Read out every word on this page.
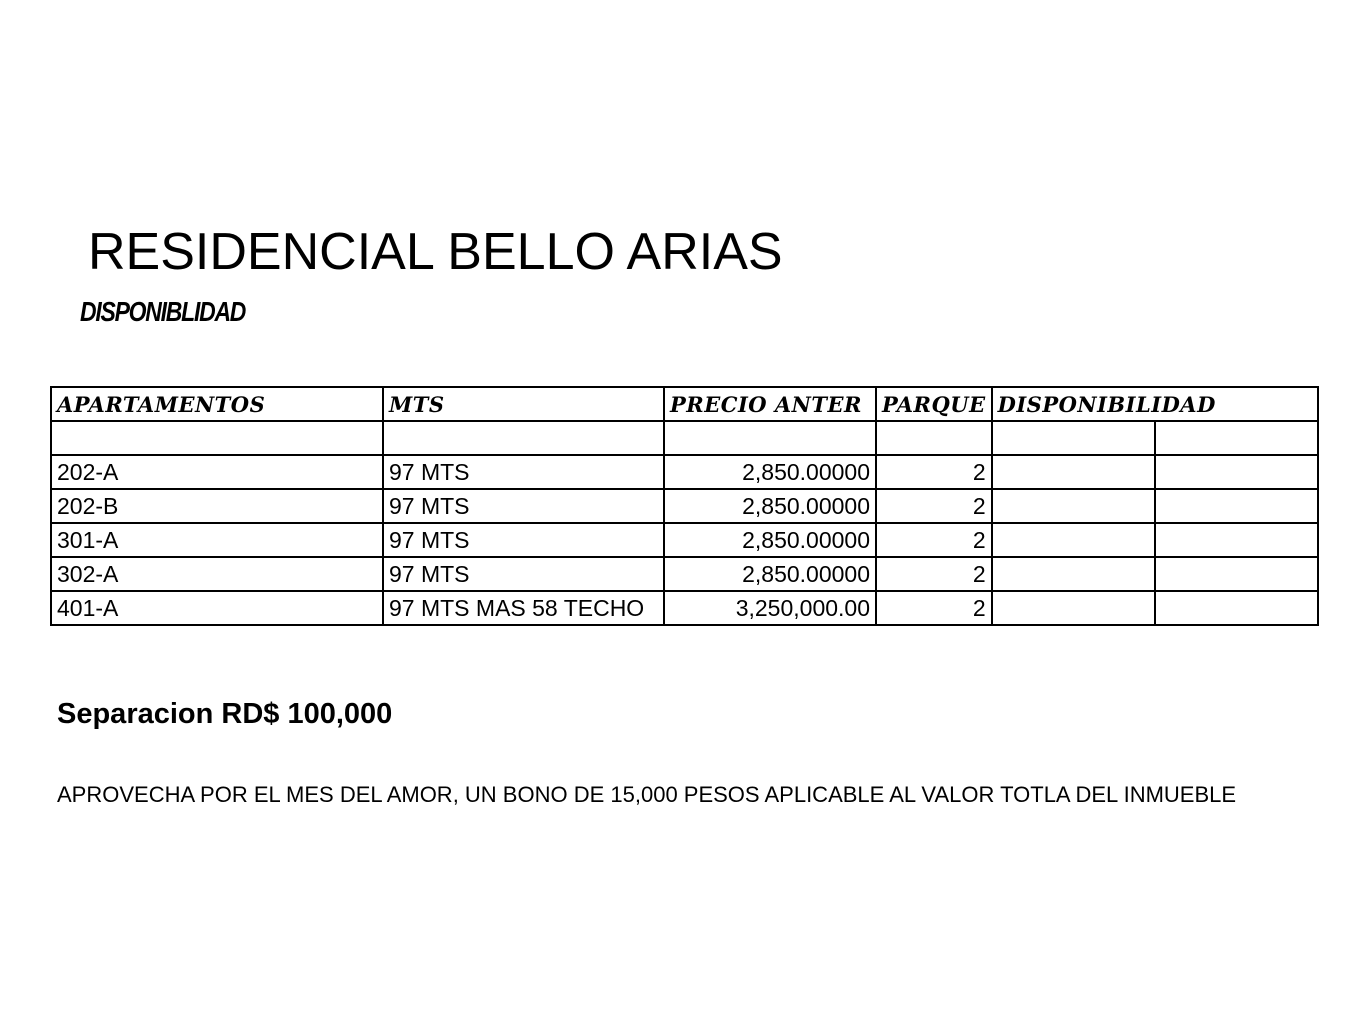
RESIDENCIAL BELLO ARIAS
DISPONIBLIDAD
APARTAMENTOS	MTS	PRECIO ANTER	PARQUE	DISPONIBILIDAD	

202-A	97 MTS	2,850.00000	2		
202-B	97 MTS	2,850.00000	2		
301-A	97 MTS	2,850.00000	2		
302-A	97 MTS	2,850.00000	2		
401-A	97 MTS MAS 58 TECHO	3,250,000.00	2		
Separacion RD$ 100,000
APROVECHA POR EL MES DEL AMOR, UN BONO DE 15,000 PESOS APLICABLE AL VALOR TOTLA DEL INMUEBLE
